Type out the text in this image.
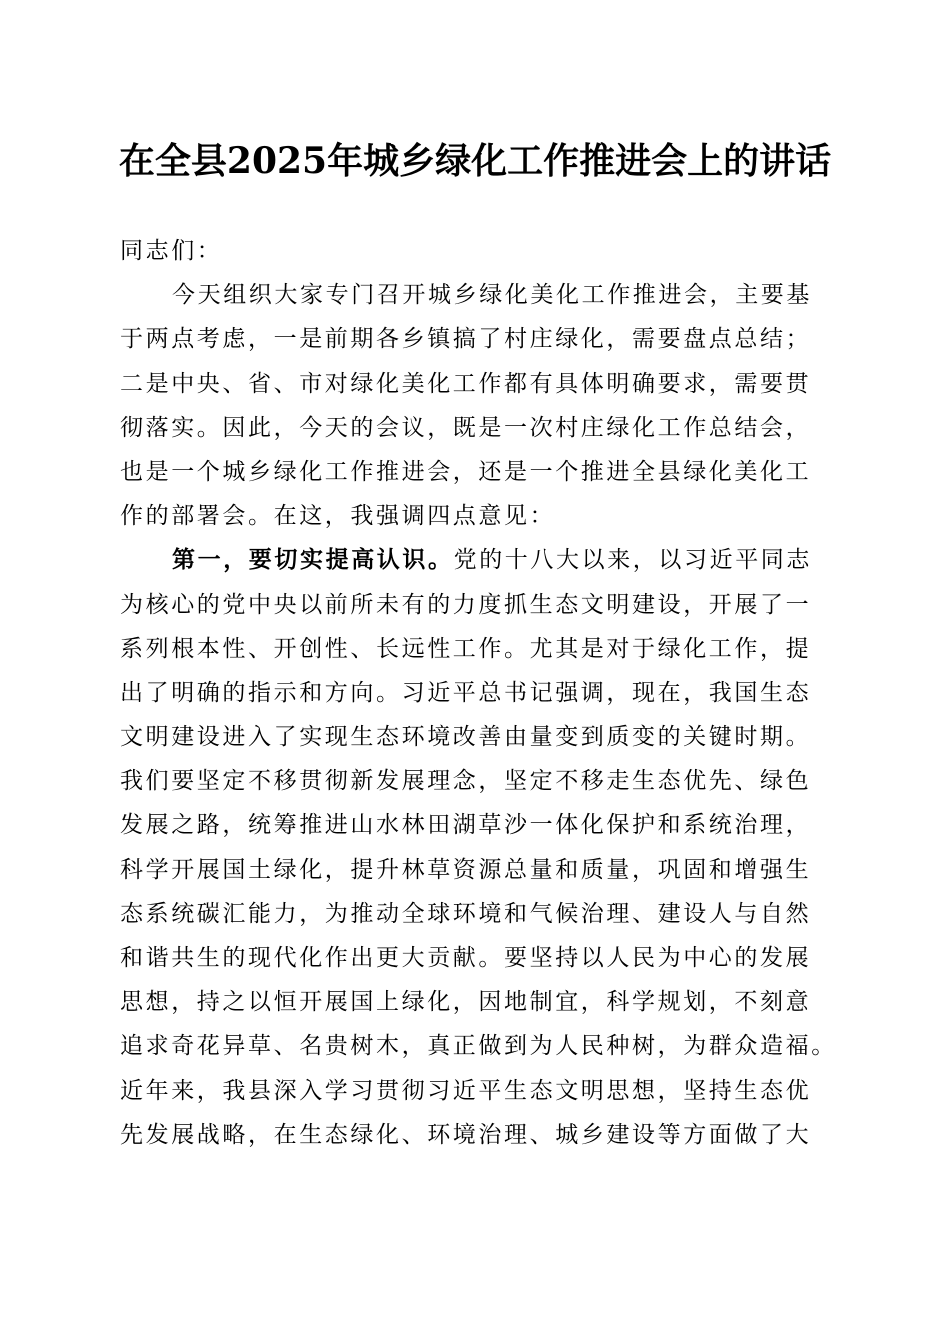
在全县2025年城乡绿化工作推进会上的讲话
同志们：
今天组织大家专门召开城乡绿化美化工作推进会，主要基
于两点考虑，一是前期各乡镇搞了村庄绿化，需要盘点总结；
二是中央、省、市对绿化美化工作都有具体明确要求，需要贯
彻落实。因此，今天的会议，既是一次村庄绿化工作总结会，
也是一个城乡绿化工作推进会，还是一个推进全县绿化美化工
作的部署会。在这，我强调四点意见：
第一，要切实提高认识。党的十八大以来，以习近平同志
为核心的党中央以前所未有的力度抓生态文明建设，开展了一
系列根本性、开创性、长远性工作。尤其是对于绿化工作，提
出了明确的指示和方向。习近平总书记强调，现在，我国生态
文明建设进入了实现生态环境改善由量变到质变的关键时期。
我们要坚定不移贯彻新发展理念，坚定不移走生态优先、绿色
发展之路，统筹推进山水林田湖草沙一体化保护和系统治理，
科学开展国土绿化，提升林草资源总量和质量，巩固和增强生
态系统碳汇能力，为推动全球环境和气候治理、建设人与自然
和谐共生的现代化作出更大贡献。要坚持以人民为中心的发展
思想，持之以恒开展国上绿化，因地制宜，科学规划，不刻意
追求奇花异草、名贵树木，真正做到为人民种树，为群众造福。
近年来，我县深入学习贯彻习近平生态文明思想，坚持生态优
先发展战略，在生态绿化、环境治理、城乡建设等方面做了大
